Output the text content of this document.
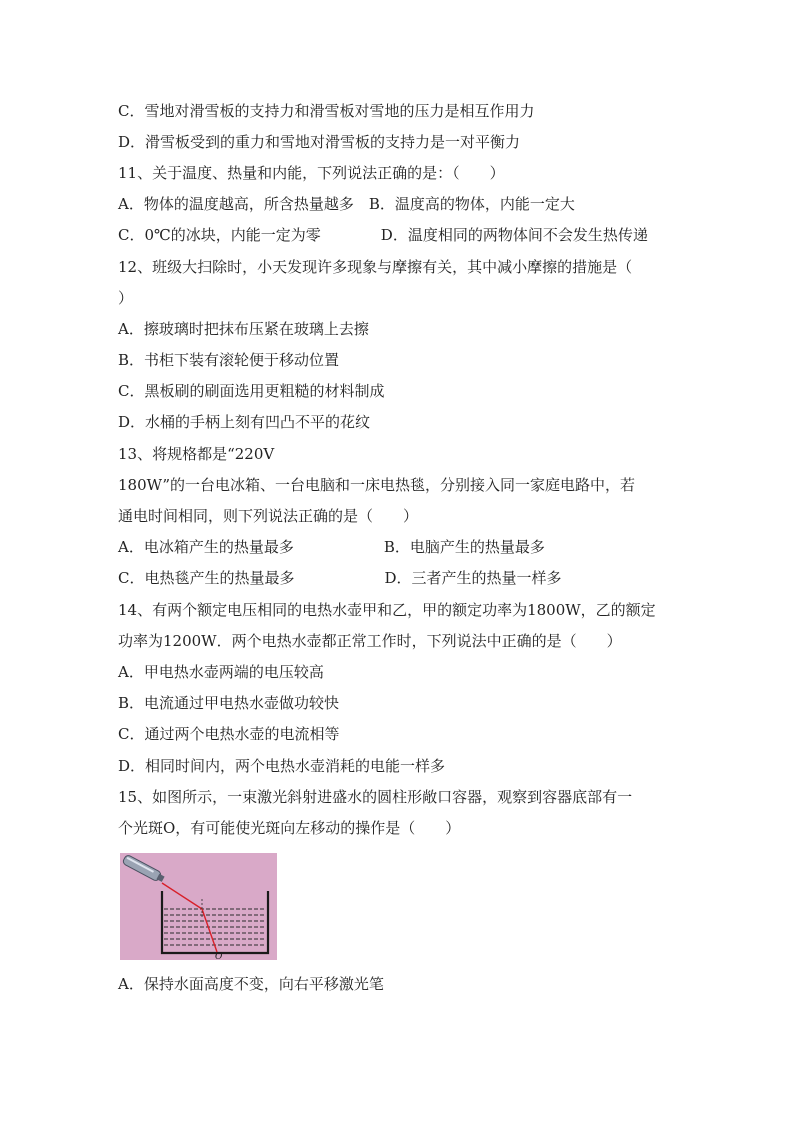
C．雪地对滑雪板的支持力和滑雪板对雪地的压力是相互作用力
D．滑雪板受到的重力和雪地对滑雪板的支持力是一对平衡力
11、关于温度、热量和内能，下列说法正确的是：（　　）
A．物体的温度越高，所含热量越多　B．温度高的物体，内能一定大
C．0℃的冰块，内能一定为零　　　　D．温度相同的两物体间不会发生热传递
12、班级大扫除时，小天发现许多现象与摩擦有关，其中减小摩擦的措施是（
）
A．擦玻璃时把抹布压紧在玻璃上去擦
B．书柜下装有滚轮便于移动位置
C．黑板刷的刷面选用更粗糙的材料制成
D．水桶的手柄上刻有凹凸不平的花纹
13、将规格都是“220V
180W”的一台电冰箱、一台电脑和一床电热毯，分别接入同一家庭电路中，若
通电时间相同，则下列说法正确的是（　　）
A．电冰箱产生的热量最多　　　　　　B．电脑产生的热量最多
C．电热毯产生的热量最多　　　　　　D．三者产生的热量一样多
14、有两个额定电压相同的电热水壶甲和乙，甲的额定功率为1800W，乙的额定
功率为1200W．两个电热水壶都正常工作时，下列说法中正确的是（　　）
A．甲电热水壶两端的电压较高
B．电流通过甲电热水壶做功较快
C．通过两个电热水壶的电流相等
D．相同时间内，两个电热水壶消耗的电能一样多
15、如图所示，一束激光斜射进盛水的圆柱形敞口容器，观察到容器底部有一
个光斑O，有可能使光斑向左移动的操作是（　　）
A．保持水面高度不变，向右平移激光笔
O
